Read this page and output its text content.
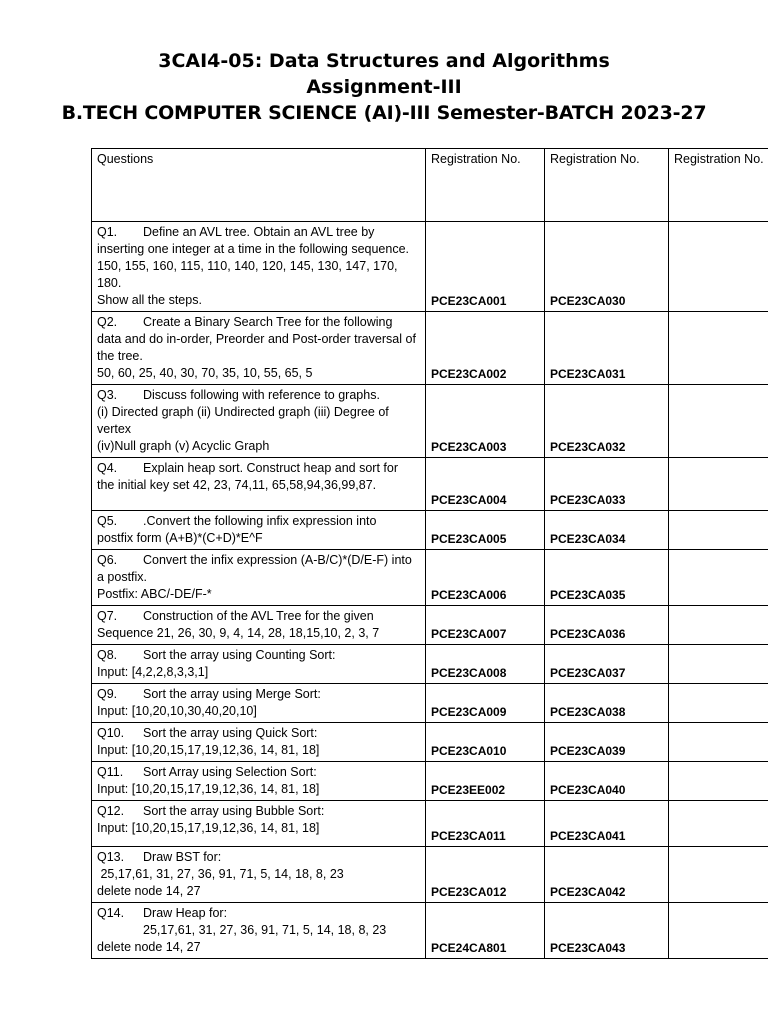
3CAI4-05: Data Structures and Algorithms
Assignment-III
B.TECH COMPUTER SCIENCE (AI)-III Semester-BATCH 2023-27
Questions	Registration No.	Registration No.	Registration No.

Q1. Define an AVL tree. Obtain an AVL tree by
inserting one integer at a time in the following sequence.
150, 155, 160, 115, 110, 140, 120, 145, 130, 147, 170, 180.
Show all the steps.	PCE23CA001	PCE23CA030	

Q2. Create a Binary Search Tree for the following
data and do in-order, Preorder and Post-order traversal of the tree.
50, 60, 25, 40, 30, 70, 35, 10, 55, 65, 5	PCE23CA002	PCE23CA031	

Q3. Discuss following with reference to graphs.
(i) Directed graph (ii) Undirected graph (iii) Degree of vertex
(iv)Null graph (v) Acyclic Graph	PCE23CA003	PCE23CA032	

Q4. Explain heap sort. Construct heap and sort for
the initial key set 42, 23, 74,11, 65,58,94,36,99,87.	PCE23CA004	PCE23CA033	

Q5. .Convert the following infix expression into
postfix form (A+B)*(C+D)*E^F	PCE23CA005	PCE23CA034	

Q6. Convert the infix expression (A-B/C)*(D/E-F) into
a postfix.
Postfix: ABC/-DE/F-*	PCE23CA006	PCE23CA035	

Q7. Construction of the AVL Tree for the given
Sequence 21, 26, 30, 9, 4, 14, 28, 18,15,10, 2, 3, 7	PCE23CA007	PCE23CA036	

Q8. Sort the array using Counting Sort:
Input: [4,2,2,8,3,3,1]	PCE23CA008	PCE23CA037	

Q9. Sort the array using Merge Sort:
Input: [10,20,10,30,40,20,10]	PCE23CA009	PCE23CA038	

Q10. Sort the array using Quick Sort:
Input: [10,20,15,17,19,12,36, 14, 81, 18]	PCE23CA010	PCE23CA039	

Q11. Sort Array using Selection Sort:
Input: [10,20,15,17,19,12,36, 14, 81, 18]	PCE23EE002	PCE23CA040	

Q12. Sort the array using Bubble Sort:
Input: [10,20,15,17,19,12,36, 14, 81, 18]	PCE23CA011	PCE23CA041	

Q13. Draw BST for:
25,17,61, 31, 27, 36, 91, 71, 5, 14, 18, 8, 23
delete node 14, 27	PCE23CA012	PCE23CA042	

Q14. Draw Heap for:
25,17,61, 31, 27, 36, 91, 71, 5, 14, 18, 8, 23
delete node 14, 27	PCE24CA801	PCE23CA043	
